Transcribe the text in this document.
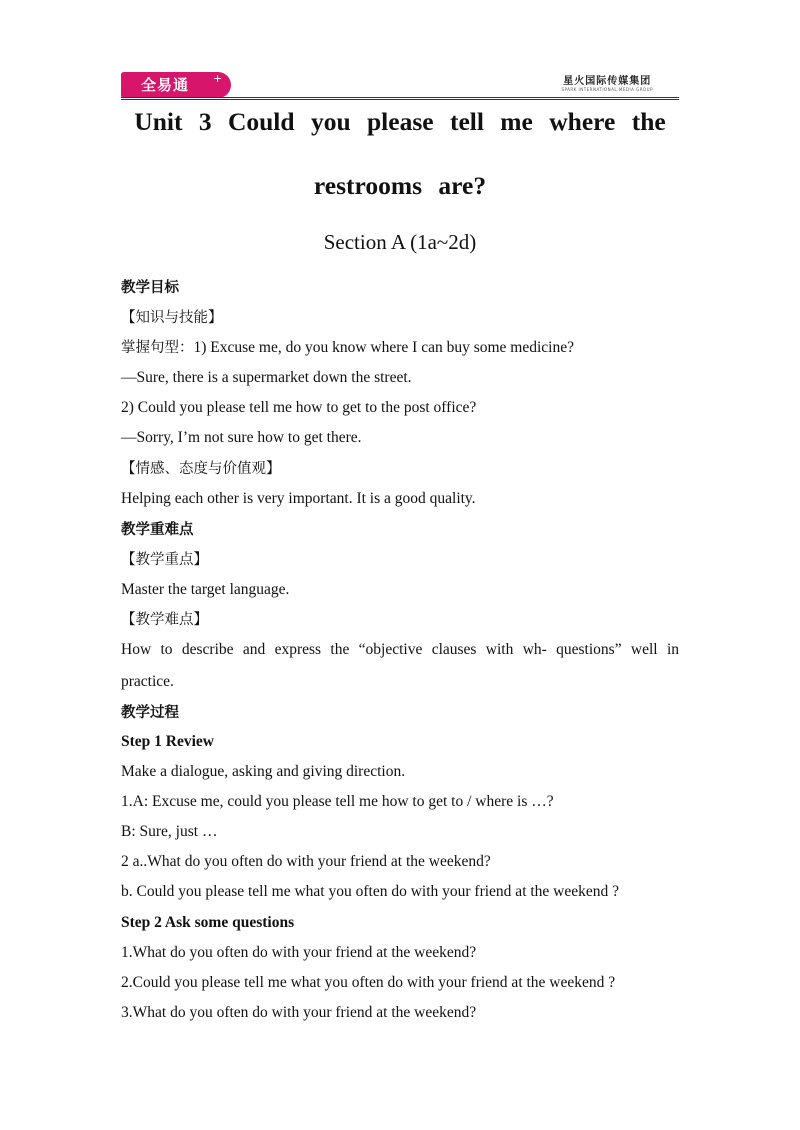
全易通 +	星火国际传媒集团
SPARK INTERNATIONAL MEDIA GROUP
Unit 3 Could you please tell me where the
restrooms are?
Section A (1a~2d)
教学目标
【知识与技能】
掌握句型：1) Excuse me, do you know where I can buy some medicine?
—Sure, there is a supermarket down the street.
2) Could you please tell me how to get to the post office?
—Sorry, I’m not sure how to get there.
【情感、态度与价值观】
Helping each other is very important. It is a good quality.
教学重难点
【教学重点】
Master the target language.
【教学难点】
How to describe and express the “objective clauses with wh- questions” well in
practice.
教学过程
Step 1 Review
Make a dialogue, asking and giving direction.
1.A: Excuse me, could you please tell me how to get to / where is …?
B: Sure, just …
2 a..What do you often do with your friend at the weekend?
b. Could you please tell me what you often do with your friend at the weekend ?
Step 2 Ask some questions
1.What do you often do with your friend at the weekend?
2.Could you please tell me what you often do with your friend at the weekend ?
3.What do you often do with your friend at the weekend?
